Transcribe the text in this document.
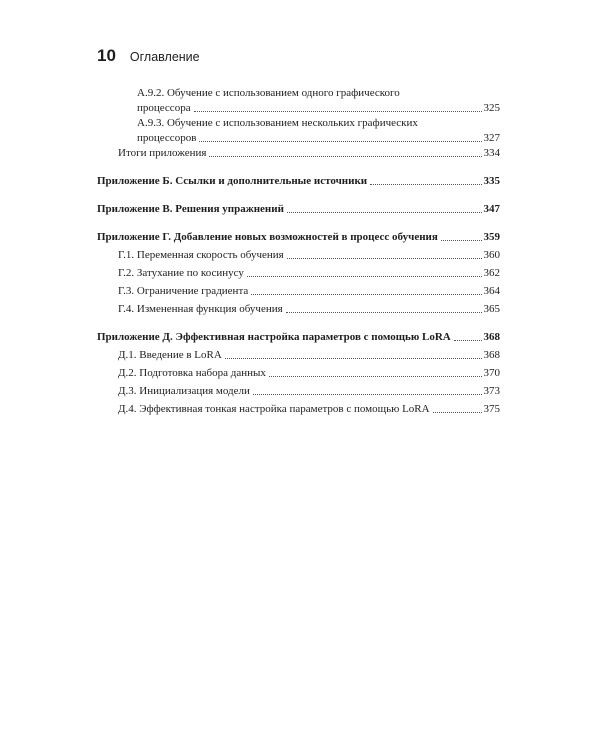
10 Оглавление
А.9.2. Обучение с использованием одного графического
процессора	325
А.9.3. Обучение с использованием нескольких графических
процессоров	327
Итоги приложения	334
Приложение Б. Ссылки и дополнительные источники	335
Приложение В. Решения упражнений	347
Приложение Г. Добавление новых возможностей в процесс обучения	359
Г.1. Переменная скорость обучения	360
Г.2. Затухание по косинусу	362
Г.3. Ограничение градиента	364
Г.4. Измененная функция обучения	365
Приложение Д. Эффективная настройка параметров с помощью LoRA	368
Д.1. Введение в LoRA	368
Д.2. Подготовка набора данных	370
Д.3. Инициализация модели	373
Д.4. Эффективная тонкая настройка параметров с помощью LoRA	375
